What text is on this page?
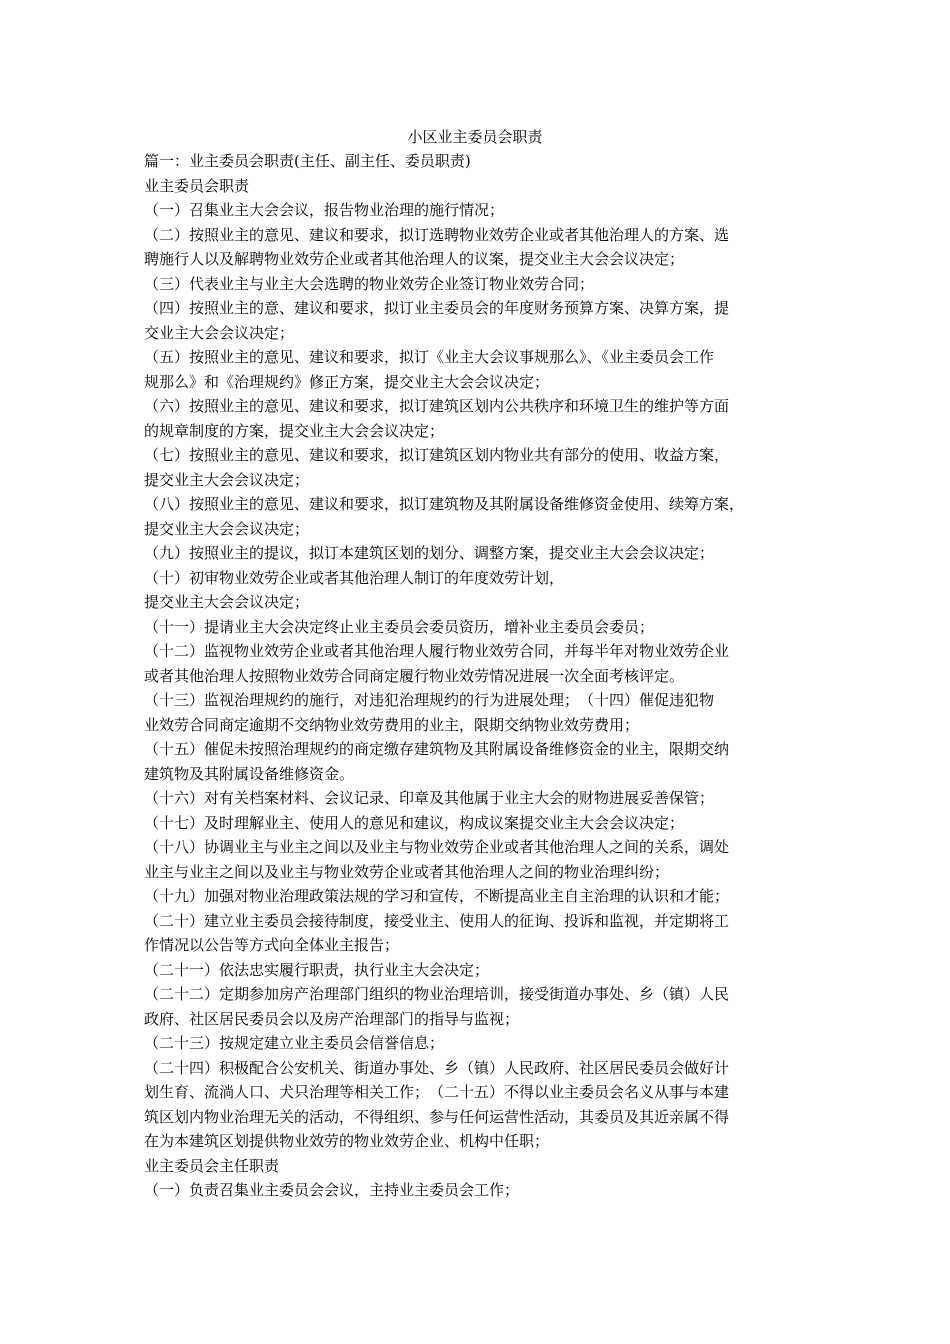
小区业主委员会职责
篇一：业主委员会职责(主任、副主任、委员职责)
业主委员会职责
（一）召集业主大会会议，报告物业治理的施行情况；
（二）按照业主的意见、建议和要求，拟订选聘物业效劳企业或者其他治理人的方案、选
聘施行人以及解聘物业效劳企业或者其他治理人的议案，提交业主大会会议决定；
（三）代表业主与业主大会选聘的物业效劳企业签订物业效劳合同；
（四）按照业主的意、建议和要求，拟订业主委员会的年度财务预算方案、决算方案，提
交业主大会会议决定；
（五）按照业主的意见、建议和要求，拟订《业主大会议事规那么》、《业主委员会工作
规那么》和《治理规约》修正方案，提交业主大会会议决定；
（六）按照业主的意见、建议和要求，拟订建筑区划内公共秩序和环境卫生的维护等方面
的规章制度的方案，提交业主大会会议决定；
（七）按照业主的意见、建议和要求，拟订建筑区划内物业共有部分的使用、收益方案，
提交业主大会会议决定；
（八）按照业主的意见、建议和要求，拟订建筑物及其附属设备维修资金使用、续筹方案，
提交业主大会会议决定；
（九）按照业主的提议，拟订本建筑区划的划分、调整方案，提交业主大会会议决定；
（十）初审物业效劳企业或者其他治理人制订的年度效劳计划，
提交业主大会会议决定；
（十一）提请业主大会决定终止业主委员会委员资历，增补业主委员会委员；
（十二）监视物业效劳企业或者其他治理人履行物业效劳合同，并每半年对物业效劳企业
或者其他治理人按照物业效劳合同商定履行物业效劳情况进展一次全面考核评定。
（十三）监视治理规约的施行，对违犯治理规约的行为进展处理；　（十四）催促违犯物
业效劳合同商定逾期不交纳物业效劳费用的业主，限期交纳物业效劳费用；
（十五）催促未按照治理规约的商定缴存建筑物及其附属设备维修资金的业主，限期交纳
建筑物及其附属设备维修资金。
（十六）对有关档案材料、会议记录、印章及其他属于业主大会的财物进展妥善保管；
（十七）及时理解业主、使用人的意见和建议，构成议案提交业主大会会议决定；
（十八）协调业主与业主之间以及业主与物业效劳企业或者其他治理人之间的关系，调处
业主与业主之间以及业主与物业效劳企业或者其他治理人之间的物业治理纠纷；
（十九）加强对物业治理政策法规的学习和宣传，不断提高业主自主治理的认识和才能；
（二十）建立业主委员会接待制度，接受业主、使用人的征询、投诉和监视，并定期将工
作情况以公告等方式向全体业主报告；
（二十一）依法忠实履行职责，执行业主大会决定；
（二十二）定期参加房产治理部门组织的物业治理培训，接受街道办事处、乡（镇）人民
政府、社区居民委员会以及房产治理部门的指导与监视；
（二十三）按规定建立业主委员会信誉信息；
（二十四）积极配合公安机关、街道办事处、乡（镇）人民政府、社区居民委员会做好计
划生育、流淌人口、犬只治理等相关工作；　（二十五）不得以业主委员会名义从事与本建
筑区划内物业治理无关的活动，不得组织、参与任何运营性活动，其委员及其近亲属不得
在为本建筑区划提供物业效劳的物业效劳企业、机构中任职；
业主委员会主任职责
（一）负责召集业主委员会会议，主持业主委员会工作；
